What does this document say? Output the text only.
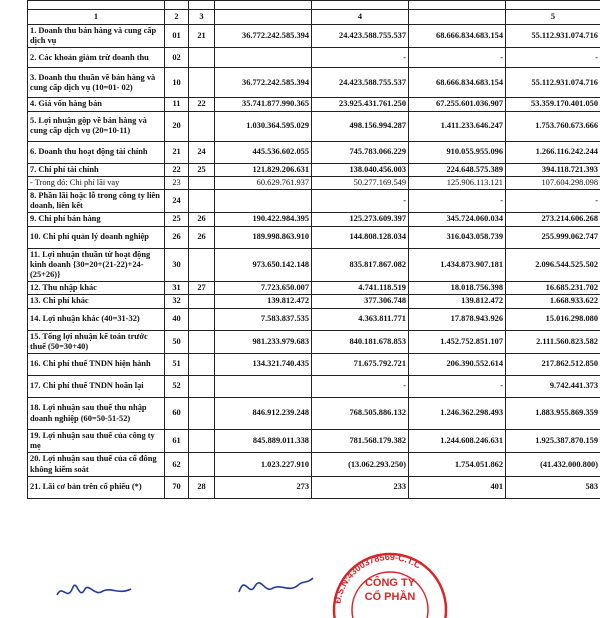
1	2	3		4		5
1. Doanh thu bán hàng và cung cấp dịch vụ	01	21	36.772.242.585.394	24.423.588.755.537	68.666.834.683.154	55.112.931.074.716
2. Các khoản giảm trừ doanh thu	02			-	-	-
3. Doanh thu thuần về bán hàng và cung cấp dịch vụ (10=01- 02)	10		36.772.242.585.394	24.423.588.755.537	68.666.834.683.154	55.112.931.074.716
4. Giá vốn hàng bán	11	22	35.741.877.990.365	23.925.431.761.250	67.255.601.036.907	53.359.170.401.050
5. Lợi nhuận gộp về bán hàng và cung cấp dịch vụ (20=10-11)	20		1.030.364.595.029	498.156.994.287	1.411.233.646.247	1.753.760.673.666
6. Doanh thu hoạt động tài chính	21	24	445.536.602.055	745.783.066.229	910.055.955.096	1.266.116.242.244
7. Chi phí tài chính	22	25	121.829.206.631	138.040.456.003	224.648.575.389	394.118.721.393
- Trong đó: Chi phí lãi vay	23		60.629.761.937	50.277.169.549	125.906.113.121	107.604.298.098
8. Phần lãi hoặc lỗ trong công ty liên doanh, liên kết	24			-	-	-
9. Chi phí bán hàng	25	26	190.422.984.395	125.273.609.397	345.724.060.034	273.214.606.268
10. Chi phí quản lý doanh nghiệp	26	26	189.998.863.910	144.808.128.034	316.043.058.739	255.999.062.747
11. Lợi nhuận thuần từ hoạt động kinh doanh {30=20+(21-22)+24-(25+26)}	30		973.650.142.148	835.817.867.082	1.434.873.907.181	2.096.544.525.502
12. Thu nhập khác	31	27	7.723.650.007	4.741.118.519	18.018.756.398	16.685.231.702
13. Chi phí khác	32		139.812.472	377.306.748	139.812.472	1.668.933.622
14. Lợi nhuận khác (40=31-32)	40		7.583.837.535	4.363.811.771	17.878.943.926	15.016.298.080
15. Tổng lợi nhuận kế toán trước thuế (50=30+40)	50		981.233.979.683	840.181.678.853	1.452.752.851.107	2.111.560.823.582
16. Chi phí thuế TNDN hiện hành	51		134.321.740.435	71.675.792.721	206.390.552.614	217.862.512.850
17. Chi phí thuế TNDN hoãn lại	52			-	-	9.742.441.373
18. Lợi nhuận sau thuế thu nhập doanh nghiệp (60=50-51-52)	60		846.912.239.248	768.505.886.132	1.246.362.298.493	1.883.955.869.359
19. Lợi nhuận sau thuế của công ty mẹ	61		845.889.011.338	781.568.179.382	1.244.608.246.631	1.925.387.870.159
20. Lợi nhuận sau thuế của cổ đông không kiểm soát	62		1.023.227.910	(13.062.293.250)	1.754.051.862	(41.432.000.800)
21. Lãi cơ bản trên cổ phiếu (*)	70	28	273	233	401	583
Đ.S.N:4300378569-C.T.C
CÔNG TY
CỔ PHẦN
